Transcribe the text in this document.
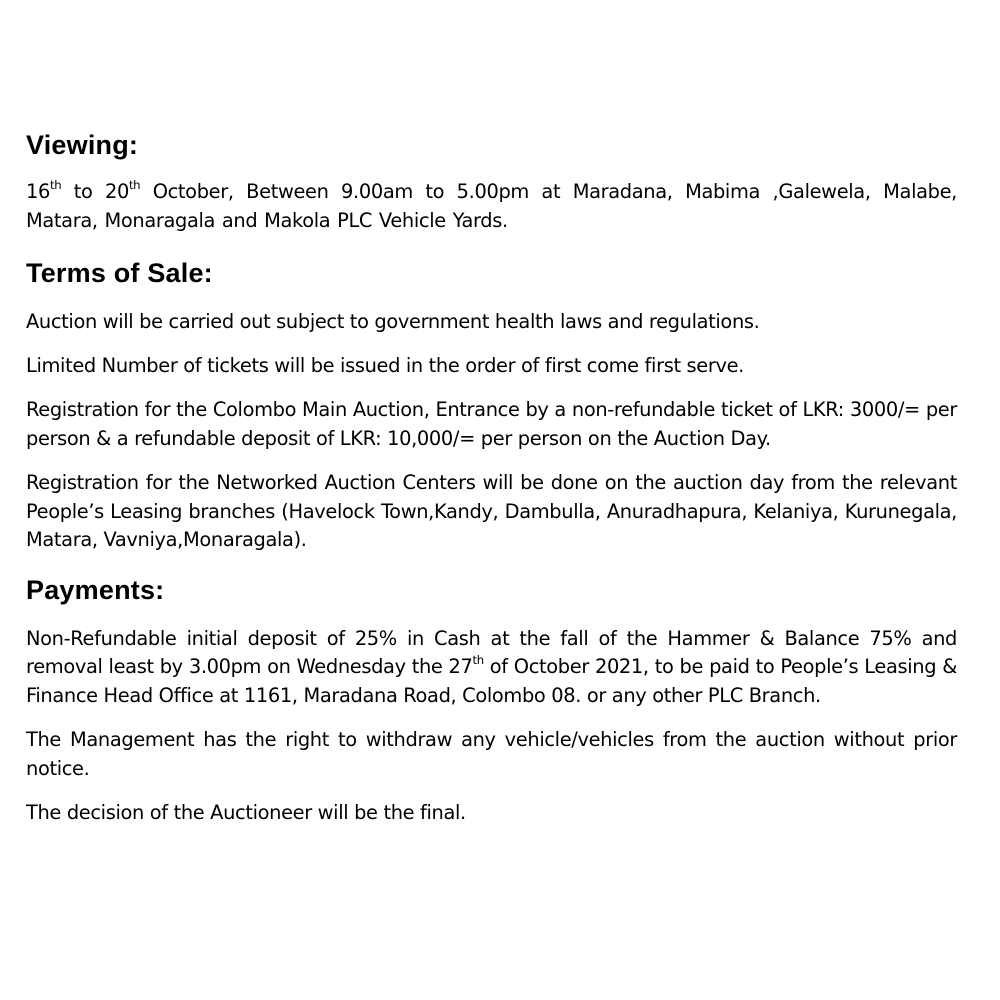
Viewing:

16th to 20th October, Between 9.00am to 5.00pm at Maradana, Mabima ,Galewela, Malabe, Matara, Monaragala and Makola PLC Vehicle Yards.

Terms of Sale:

Auction will be carried out subject to government health laws and regulations.

Limited Number of tickets will be issued in the order of first come first serve.

Registration for the Colombo Main Auction, Entrance by a non-refundable ticket of LKR: 3000/= per person & a refundable deposit of LKR: 10,000/= per person on the Auction Day.

Registration for the Networked Auction Centers will be done on the auction day from the relevant People’s Leasing branches (Havelock Town,Kandy, Dambulla, Anuradhapura, Kelaniya, Kurunegala, Matara, Vavniya,Monaragala).

Payments:

Non-Refundable initial deposit of 25% in Cash at the fall of the Hammer & Balance 75% and removal least by 3.00pm on Wednesday the 27th of October 2021, to be paid to People’s Leasing & Finance Head Office at 1161, Maradana Road, Colombo 08. or any other PLC Branch.

The Management has the right to withdraw any vehicle/vehicles from the auction without prior notice.

The decision of the Auctioneer will be the final.
